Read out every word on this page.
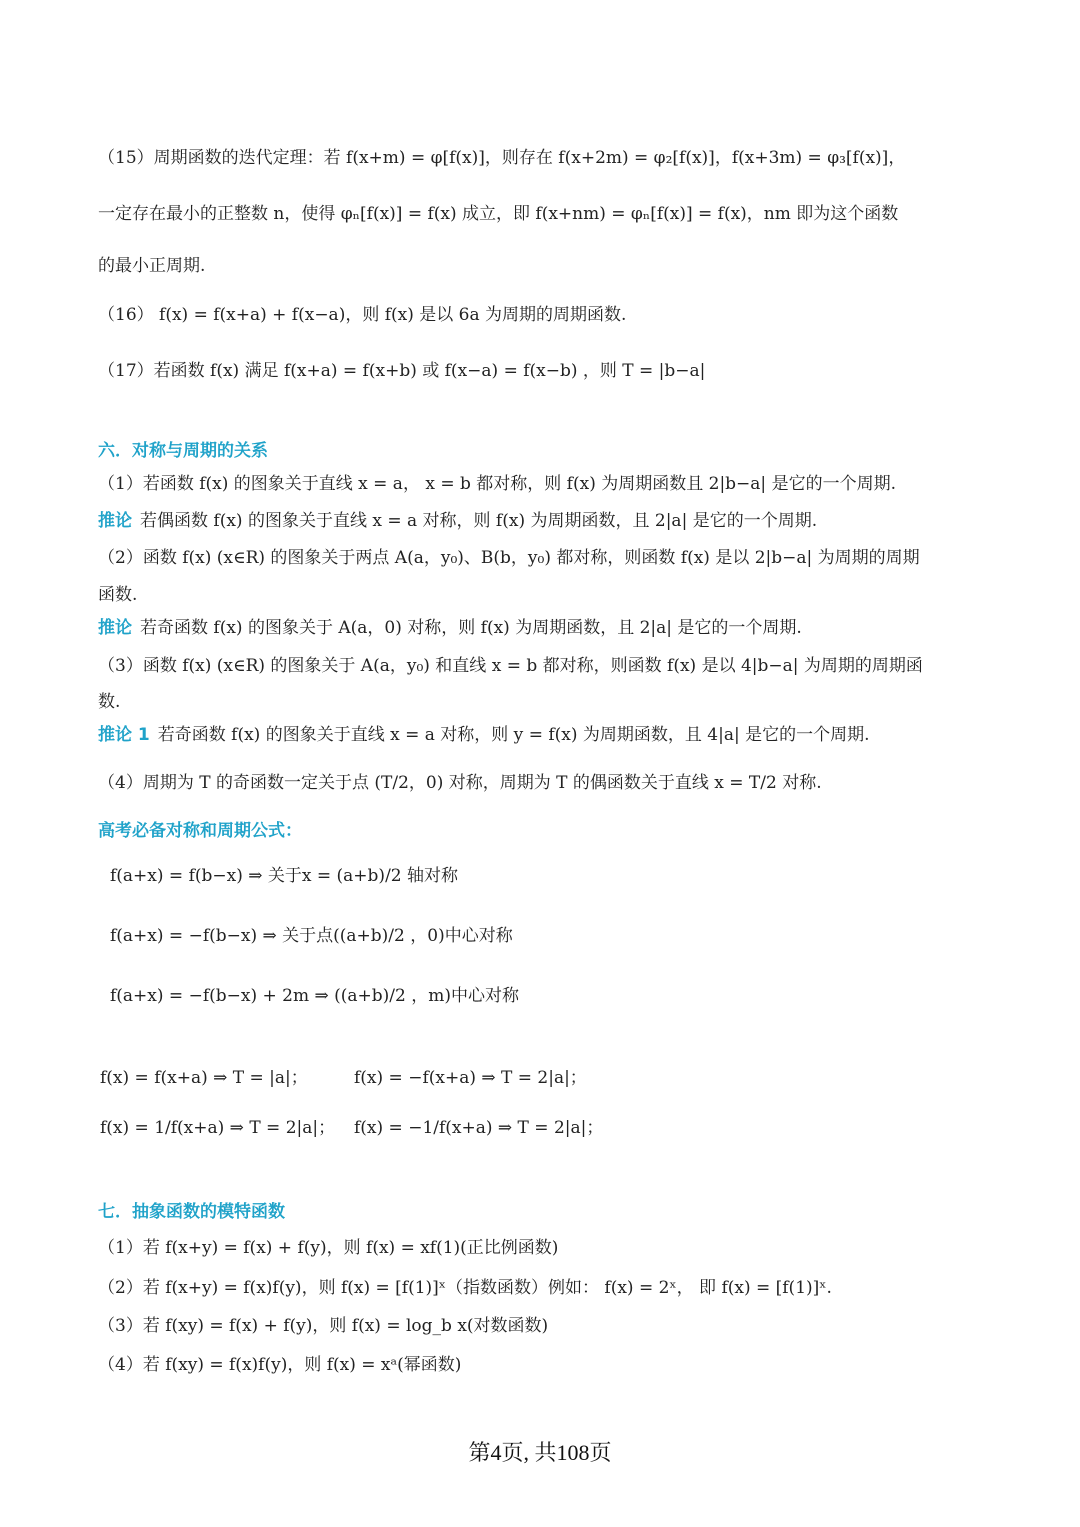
（15）周期函数的迭代定理：若 f(x+m) = φ[f(x)]，则存在 f(x+2m) = φ₂[f(x)]，f(x+3m) = φ₃[f(x)]，
一定存在最小的正整数 n，使得 φₙ[f(x)] = f(x) 成立，即 f(x+nm) = φₙ[f(x)] = f(x)，nm 即为这个函数
的最小正周期.
（16） f(x) = f(x+a) + f(x−a)，则 f(x) 是以 6a 为周期的周期函数.
（17）若函数 f(x) 满足 f(x+a) = f(x+b) 或 f(x−a) = f(x−b) ，则 T = |b−a|
六．对称与周期的关系
（1）若函数 f(x) 的图象关于直线 x = a， x = b 都对称，则 f(x) 为周期函数且 2|b−a| 是它的一个周期.
推论 若偶函数 f(x) 的图象关于直线 x = a 对称，则 f(x) 为周期函数，且 2|a| 是它的一个周期.
（2）函数 f(x) (x∈R) 的图象关于两点 A(a，y₀)、B(b，y₀) 都对称，则函数 f(x) 是以 2|b−a| 为周期的周期
函数.
推论 若奇函数 f(x) 的图象关于 A(a，0) 对称，则 f(x) 为周期函数，且 2|a| 是它的一个周期.
（3）函数 f(x) (x∈R) 的图象关于 A(a，y₀) 和直线 x = b 都对称，则函数 f(x) 是以 4|b−a| 为周期的周期函
数.
推论 1 若奇函数 f(x) 的图象关于直线 x = a 对称，则 y = f(x) 为周期函数，且 4|a| 是它的一个周期.
（4）周期为 T 的奇函数一定关于点 (T/2，0) 对称，周期为 T 的偶函数关于直线 x = T/2 对称.
高考必备对称和周期公式：
f(a+x) = f(b−x) ⇒ 关于x = (a+b)/2 轴对称
f(a+x) = −f(b−x) ⇒ 关于点((a+b)/2 ，0)中心对称
f(a+x) = −f(b−x) + 2m ⇒ ((a+b)/2 ，m)中心对称
f(x) = f(x+a) ⇒ T = |a|；	f(x) = −f(x+a) ⇒ T = 2|a|；
f(x) = 1/f(x+a) ⇒ T = 2|a|； f(x) = −1/f(x+a) ⇒ T = 2|a|；
七．抽象函数的模特函数
（1）若 f(x+y) = f(x) + f(y)，则 f(x) = xf(1)(正比例函数)
（2）若 f(x+y) = f(x)f(y)，则 f(x) = [f(1)]ˣ（指数函数）例如： f(x) = 2ˣ， 即 f(x) = [f(1)]ˣ.
（3）若 f(xy) = f(x) + f(y)，则 f(x) = log_b x(对数函数)
（4）若 f(xy) = f(x)f(y)，则 f(x) = xᵃ(幂函数)
第4页, 共108页
